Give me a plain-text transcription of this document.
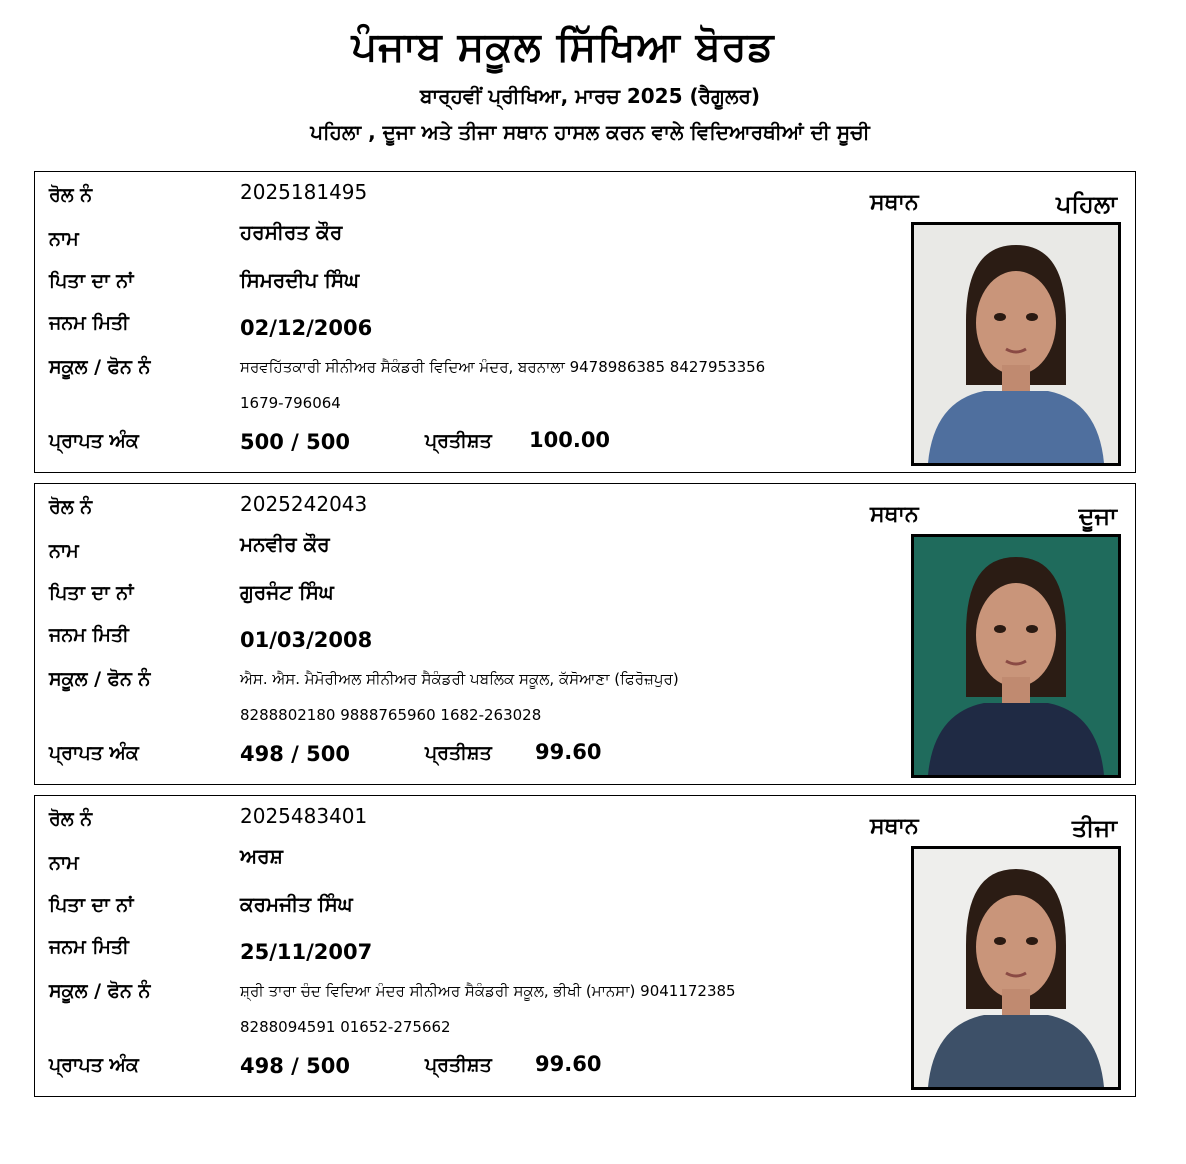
ਪੰਜਾਬ ਸਕੂਲ ਸਿੱਖਿਆ ਬੋਰਡ
ਬਾਰ੍ਹਵੀਂ ਪ੍ਰੀਖਿਆ, ਮਾਰਚ 2025 (ਰੈਗੂਲਰ)
ਪਹਿਲਾ , ਦੂਜਾ ਅਤੇ ਤੀਜਾ ਸਥਾਨ ਹਾਸਲ ਕਰਨ ਵਾਲੇ ਵਿਦਿਆਰਥੀਆਂ ਦੀ ਸੂਚੀ
ਰੋਲ ਨੰ	2025181495
ਨਾਮ	ਹਰਸੀਰਤ ਕੌਰ
ਪਿਤਾ ਦਾ ਨਾਂ	ਸਿਮਰਦੀਪ ਸਿੰਘ
ਜਨਮ ਮਿਤੀ	02/12/2006
ਸਕੂਲ / ਫੋਨ ਨੰ	ਸਰਵਹਿੱਤਕਾਰੀ ਸੀਨੀਅਰ ਸੈਕੰਡਰੀ ਵਿਦਿਆ ਮੰਦਰ, ਬਰਨਾਲਾ 9478986385 8427953356
1679-796064
ਪ੍ਰਾਪਤ ਅੰਕ	500 / 500	ਪ੍ਰਤੀਸ਼ਤ 100.00
ਸਥਾਨ	ਪਹਿਲਾ
ਰੋਲ ਨੰ	2025242043
ਨਾਮ	ਮਨਵੀਰ ਕੌਰ
ਪਿਤਾ ਦਾ ਨਾਂ	ਗੁਰਜੰਟ ਸਿੰਘ
ਜਨਮ ਮਿਤੀ	01/03/2008
ਸਕੂਲ / ਫੋਨ ਨੰ	ਐਸ. ਐਸ. ਮੈਮੋਰੀਅਲ ਸੀਨੀਅਰ ਸੈਕੰਡਰੀ ਪਬਲਿਕ ਸਕੂਲ, ਕੱਸੋਆਣਾ (ਫਿਰੋਜ਼ਪੁਰ)
8288802180 9888765960 1682-263028
ਪ੍ਰਾਪਤ ਅੰਕ	498 / 500	ਪ੍ਰਤੀਸ਼ਤ 99.60
ਸਥਾਨ	ਦੂਜਾ
ਰੋਲ ਨੰ	2025483401
ਨਾਮ	ਅਰਸ਼
ਪਿਤਾ ਦਾ ਨਾਂ	ਕਰਮਜੀਤ ਸਿੰਘ
ਜਨਮ ਮਿਤੀ	25/11/2007
ਸਕੂਲ / ਫੋਨ ਨੰ	ਸ਼੍ਰੀ ਤਾਰਾ ਚੰਦ ਵਿਦਿਆ ਮੰਦਰ ਸੀਨੀਅਰ ਸੈਕੰਡਰੀ ਸਕੂਲ, ਭੀਖੀ (ਮਾਨਸਾ) 9041172385
8288094591 01652-275662
ਪ੍ਰਾਪਤ ਅੰਕ	498 / 500	ਪ੍ਰਤੀਸ਼ਤ 99.60
ਸਥਾਨ	ਤੀਜਾ
